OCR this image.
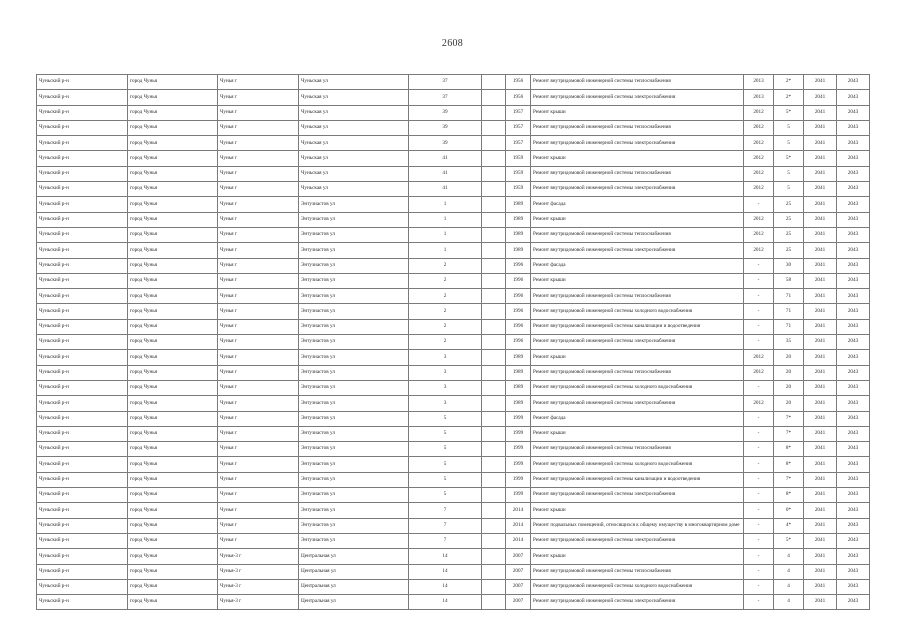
2608
Чуньский р-н	город Чунья	Чунья г	Чуньская ул	37		1956	Ремонт внутридомовой инженерной системы теплоснабжения	2013	2*	2041	2043
Чуньский р-н	город Чунья	Чунья г	Чуньская ул	37		1956	Ремонт внутридомовой инженерной системы электроснабжения	2013	2*	2041	2043
Чуньский р-н	город Чунья	Чунья г	Чуньская ул	39		1957	Ремонт крыши	2012	5*	2041	2043
Чуньский р-н	город Чунья	Чунья г	Чуньская ул	39		1957	Ремонт внутридомовой инженерной системы теплоснабжения	2012	5	2041	2043
Чуньский р-н	город Чунья	Чунья г	Чуньская ул	39		1957	Ремонт внутридомовой инженерной системы электроснабжения	2012	5	2041	2043
Чуньский р-н	город Чунья	Чунья г	Чуньская ул	41		1959	Ремонт крыши	2012	5*	2041	2043
Чуньский р-н	город Чунья	Чунья г	Чуньская ул	41		1959	Ремонт внутридомовой инженерной системы теплоснабжения	2012	5	2041	2043
Чуньский р-н	город Чунья	Чунья г	Чуньская ул	41		1959	Ремонт внутридомовой инженерной системы электроснабжения	2012	5	2041	2043
Чуньский р-н	город Чунья	Чунья г	Энтузиастов ул	1		1989	Ремонт фасада	-	25	2041	2043
Чуньский р-н	город Чунья	Чунья г	Энтузиастов ул	1		1989	Ремонт крыши	2012	25	2041	2043
Чуньский р-н	город Чунья	Чунья г	Энтузиастов ул	1		1989	Ремонт внутридомовой инженерной системы теплоснабжения	2012	25	2041	2043
Чуньский р-н	город Чунья	Чунья г	Энтузиастов ул	1		1989	Ремонт внутридомовой инженерной системы электроснабжения	2012	25	2041	2043
Чуньский р-н	город Чунья	Чунья г	Энтузиастов ул	2		1996	Ремонт фасада	-	30	2041	2043
Чуньский р-н	город Чунья	Чунья г	Энтузиастов ул	2		1996	Ремонт крыши	-	58	2041	2043
Чуньский р-н	город Чунья	Чунья г	Энтузиастов ул	2		1996	Ремонт внутридомовой инженерной системы теплоснабжения	-	71	2041	2043
Чуньский р-н	город Чунья	Чунья г	Энтузиастов ул	2		1996	Ремонт внутридомовой инженерной системы холодного водоснабжения	-	71	2041	2043
Чуньский р-н	город Чунья	Чунья г	Энтузиастов ул	2		1996	Ремонт внутридомовой инженерной системы канализации и водоотведения	-	71	2041	2043
Чуньский р-н	город Чунья	Чунья г	Энтузиастов ул	2		1996	Ремонт внутридомовой инженерной системы электроснабжения	-	35	2041	2043
Чуньский р-н	город Чунья	Чунья г	Энтузиастов ул	3		1989	Ремонт крыши	2012	20	2041	2043
Чуньский р-н	город Чунья	Чунья г	Энтузиастов ул	3		1989	Ремонт внутридомовой инженерной системы теплоснабжения	2012	20	2041	2043
Чуньский р-н	город Чунья	Чунья г	Энтузиастов ул	3		1989	Ремонт внутридомовой инженерной системы холодного водоснабжения	-	20	2041	2043
Чуньский р-н	город Чунья	Чунья г	Энтузиастов ул	3		1989	Ремонт внутридомовой инженерной системы электроснабжения	2012	20	2041	2043
Чуньский р-н	город Чунья	Чунья г	Энтузиастов ул	5		1999	Ремонт фасада	-	7*	2041	2043
Чуньский р-н	город Чунья	Чунья г	Энтузиастов ул	5		1999	Ремонт крыши	-	7*	2041	2043
Чуньский р-н	город Чунья	Чунья г	Энтузиастов ул	5		1999	Ремонт внутридомовой инженерной системы теплоснабжения	-	8*	2041	2043
Чуньский р-н	город Чунья	Чунья г	Энтузиастов ул	5		1999	Ремонт внутридомовой инженерной системы холодного водоснабжения	-	8*	2041	2043
Чуньский р-н	город Чунья	Чунья г	Энтузиастов ул	5		1999	Ремонт внутридомовой инженерной системы канализации и водоотведения	-	7*	2041	2043
Чуньский р-н	город Чунья	Чунья г	Энтузиастов ул	5		1999	Ремонт внутридомовой инженерной системы электроснабжения	-	8*	2041	2043
Чуньский р-н	город Чунья	Чунья г	Энтузиастов ул	7		2014	Ремонт крыши	-	0*	2041	2043
Чуньский р-н	город Чунья	Чунья г	Энтузиастов ул	7		2014	Ремонт подвальных помещений, относящихся к общему имуществу в многоквартирном доме	-	4*	2041	2043
Чуньский р-н	город Чунья	Чунья г	Энтузиастов ул	7		2014	Ремонт внутридомовой инженерной системы электроснабжения	-	5*	2041	2043
Чуньский р-н	город Чунья	Чунья-3 г	Центральная ул	14		2007	Ремонт крыши	-	4	2041	2043
Чуньский р-н	город Чунья	Чунья-3 г	Центральная ул	14		2007	Ремонт внутридомовой инженерной системы теплоснабжения	-	4	2041	2043
Чуньский р-н	город Чунья	Чунья-3 г	Центральная ул	14		2007	Ремонт внутридомовой инженерной системы холодного водоснабжения	-	4	2041	2043
Чуньский р-н	город Чунья	Чунья-3 г	Центральная ул	14		2007	Ремонт внутридомовой инженерной системы электроснабжения	-	4	2041	2043
